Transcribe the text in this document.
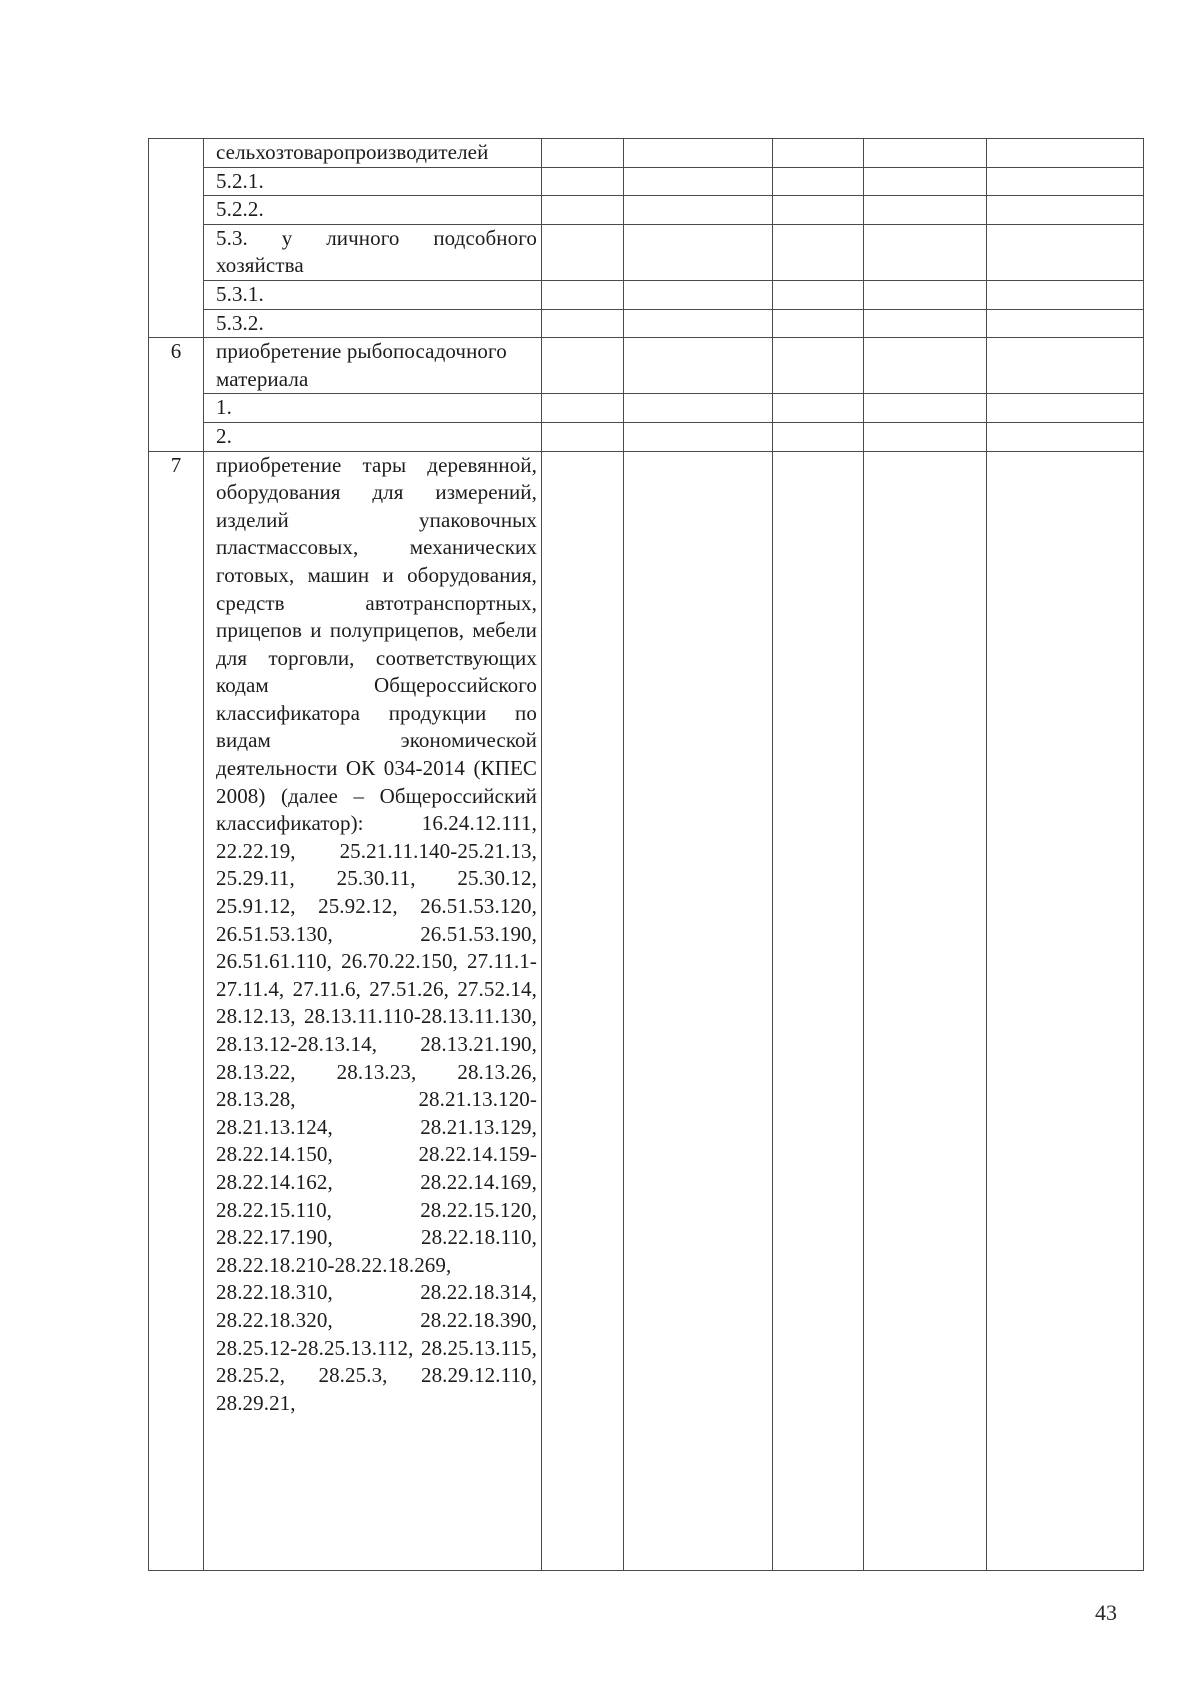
	сельхозтоваропроизводителей					
	5.2.1.					
	5.2.2.					
	5.3. у личного подсобного хозяйства					
	5.3.1.					
	5.3.2.					
6	приобретение рыбопосадочного материала					
	1.					
	2.					
7	приобретение тары деревянной, оборудования для измерений, изделий упаковочных пластмассовых, механических готовых, машин и оборудования, средств автотранспортных, прицепов и полуприцепов, мебели для торговли, соответствующих кодам Общероссийского классификатора продукции по видам экономической деятельности ОК 034-2014 (КПЕС 2008) (далее – Общероссийский классификатор): 16.24.12.111, 22.22.19, 25.21.11.140-25.21.13, 25.29.11, 25.30.11, 25.30.12, 25.91.12, 25.92.12, 26.51.53.120, 26.51.53.130, 26.51.53.190, 26.51.61.110, 26.70.22.150, 27.11.1-27.11.4, 27.11.6, 27.51.26, 27.52.14, 28.12.13, 28.13.11.110-28.13.11.130, 28.13.12-28.13.14, 28.13.21.190, 28.13.22, 28.13.23, 28.13.26, 28.13.28, 28.21.13.120-28.21.13.124, 28.21.13.129, 28.22.14.150, 28.22.14.159-28.22.14.162, 28.22.14.169, 28.22.15.110, 28.22.15.120, 28.22.17.190, 28.22.18.110, 28.22.18.210-28.22.18.269, 28.22.18.310, 28.22.18.314, 28.22.18.320, 28.22.18.390, 28.25.12-28.25.13.112, 28.25.13.115, 28.25.2, 28.25.3, 28.29.12.110, 28.29.21,					
43
